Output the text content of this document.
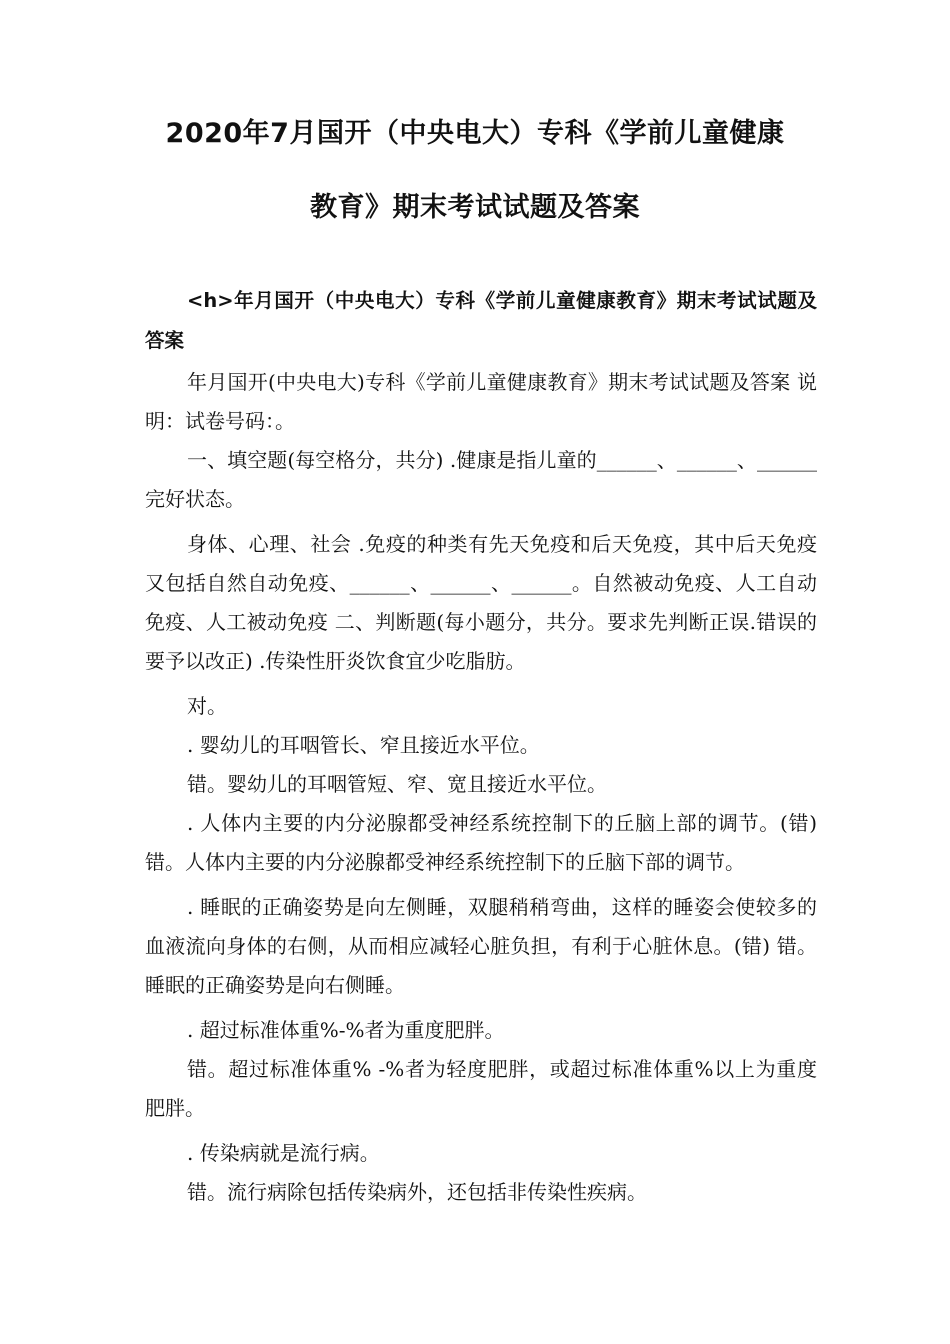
2020年7月国开（中央电大）专科《学前儿童健康
教育》期末考试试题及答案

<h>年月国开（中央电大）专科《学前儿童健康教育》期末考试试题及答案

年月国开(中央电大)专科《学前儿童健康教育》期末考试试题及答案 说明：试卷号码：。

一、填空题(每空格分，共分) .健康是指儿童的______、______、______完好状态。

身体、心理、社会 .免疫的种类有先天免疫和后天免疫，其中后天免疫又包括自然自动免疫、______、______、______。自然被动免疫、人工自动免疫、人工被动免疫 二、判断题(每小题分，共分。要求先判断正误.错误的要予以改正) .传染性肝炎饮食宜少吃脂肪。

对。

. 婴幼儿的耳咽管长、窄且接近水平位。

错。婴幼儿的耳咽管短、窄、宽且接近水平位。

. 人体内主要的内分泌腺都受神经系统控制下的丘脑上部的调节。(错) 错。人体内主要的内分泌腺都受神经系统控制下的丘脑下部的调节。

. 睡眠的正确姿势是向左侧睡，双腿稍稍弯曲，这样的睡姿会使较多的血液流向身体的右侧，从而相应减轻心脏负担，有利于心脏休息。(错) 错。睡眠的正确姿势是向右侧睡。

. 超过标准体重%-%者为重度肥胖。

错。超过标准体重% -%者为轻度肥胖，或超过标准体重%以上为重度肥胖。

. 传染病就是流行病。

错。流行病除包括传染病外，还包括非传染性疾病。
